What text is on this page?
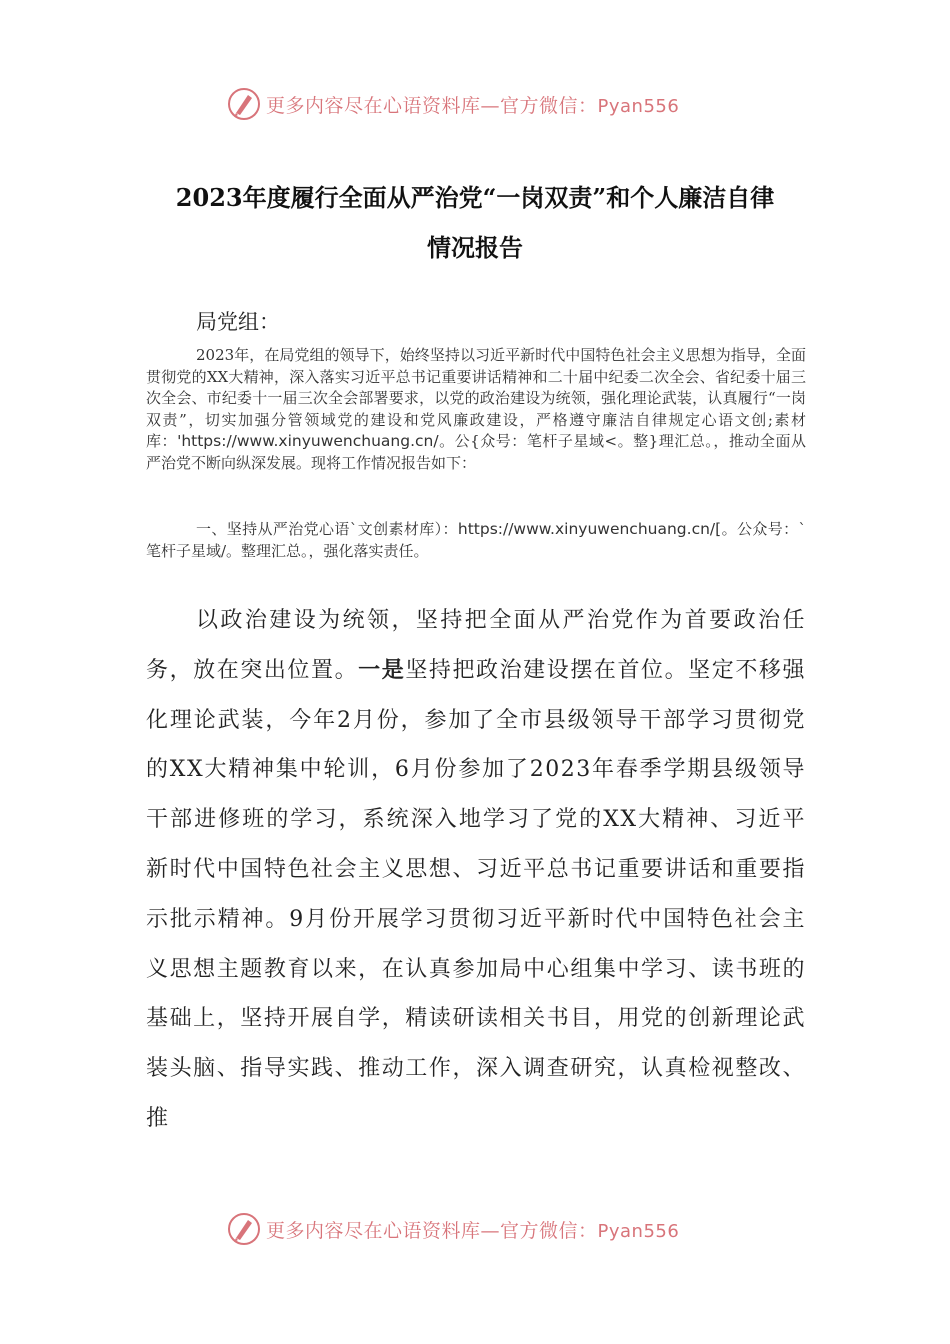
更多内容尽在心语资料库—官方微信：Pyan556
2023年度履行全面从严治党“一岗双责”和个人廉洁自律
情况报告

局党组：

2023年，在局党组的领导下，始终坚持以习近平新时代中国特色社会主义思想为指导，全面贯彻党的XX大精神，深入落实习近平总书记重要讲话精神和二十届中纪委二次全会、省纪委十届三次全会、市纪委十一届三次全会部署要求，以党的政治建设为统领，强化理论武装，认真履行“一岗双责”，切实加强分管领域党的建设和党风廉政建设，严格遵守廉洁自律规定心语文创;素材库：'https://www.xinyuwenchuang.cn/。公{众号：笔杆子星域<。整}理汇总。，推动全面从严治党不断向纵深发展。现将工作情况报告如下：

一、坚持从严治党心语`文创素材库）：https://www.xinyuwenchuang.cn/[。公众号：`笔杆子星域/。整理汇总。，强化落实责任。

以政治建设为统领，坚持把全面从严治党作为首要政治任务，放在突出位置。一是坚持把政治建设摆在首位。坚定不移强化理论武装，今年2月份，参加了全市县级领导干部学习贯彻党的XX大精神集中轮训，6月份参加了2023年春季学期县级领导干部进修班的学习，系统深入地学习了党的XX大精神、习近平新时代中国特色社会主义思想、习近平总书记重要讲话和重要指示批示精神。9月份开展学习贯彻习近平新时代中国特色社会主义思想主题教育以来，在认真参加局中心组集中学习、读书班的基础上，坚持开展自学，精读研读相关书目，用党的创新理论武装头脑、指导实践、推动工作，深入调查研究，认真检视整改、推

更多内容尽在心语资料库—官方微信：Pyan556
